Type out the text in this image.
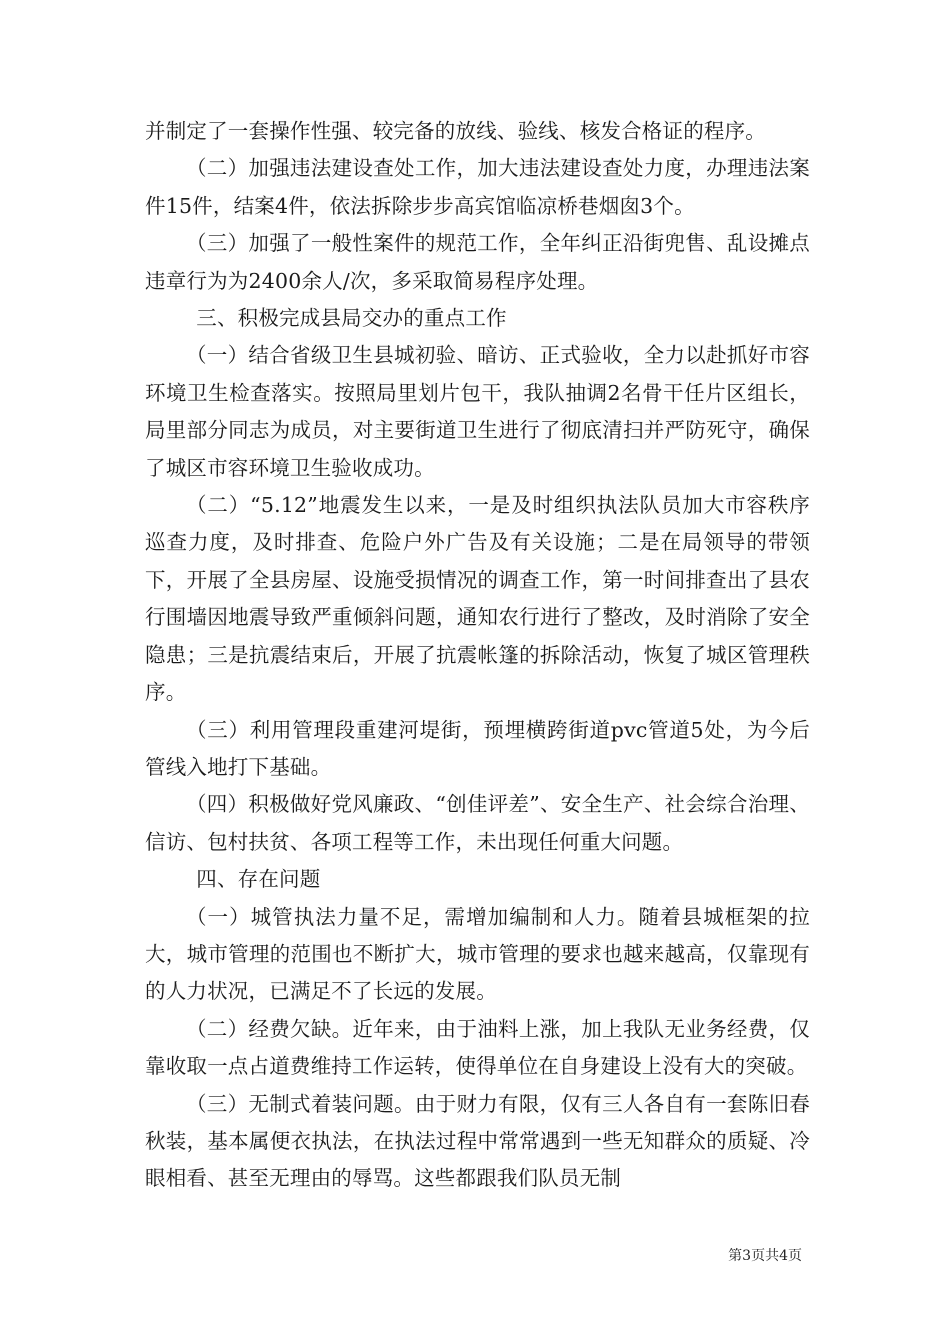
并制定了一套操作性强、较完备的放线、验线、核发合格证的程序。

（二）加强违法建设查处工作，加大违法建设查处力度，办理违法案件15件，结案4件，依法拆除步步高宾馆临凉桥巷烟囱3个。

（三）加强了一般性案件的规范工作，全年纠正沿街兜售、乱设摊点违章行为为2400余人/次，多采取简易程序处理。

三、积极完成县局交办的重点工作

（一）结合省级卫生县城初验、暗访、正式验收，全力以赴抓好市容环境卫生检查落实。按照局里划片包干，我队抽调2名骨干任片区组长，局里部分同志为成员，对主要街道卫生进行了彻底清扫并严防死守，确保了城区市容环境卫生验收成功。

（二）“5.12”地震发生以来，一是及时组织执法队员加大市容秩序巡查力度，及时排查、危险户外广告及有关设施；二是在局领导的带领下，开展了全县房屋、设施受损情况的调查工作，第一时间排查出了县农行围墙因地震导致严重倾斜问题，通知农行进行了整改，及时消除了安全隐患；三是抗震结束后，开展了抗震帐篷的拆除活动，恢复了城区管理秩序。

（三）利用管理段重建河堤街，预埋横跨街道pvc管道5处，为今后管线入地打下基础。

（四）积极做好党风廉政、“创佳评差”、安全生产、社会综合治理、信访、包村扶贫、各项工程等工作，未出现任何重大问题。

四、存在问题

（一）城管执法力量不足，需增加编制和人力。随着县城框架的拉大，城市管理的范围也不断扩大，城市管理的要求也越来越高，仅靠现有的人力状况，已满足不了长远的发展。

（二）经费欠缺。近年来，由于油料上涨，加上我队无业务经费，仅靠收取一点占道费维持工作运转，使得单位在自身建设上没有大的突破。

（三）无制式着装问题。由于财力有限，仅有三人各自有一套陈旧春秋装，基本属便衣执法，在执法过程中常常遇到一些无知群众的质疑、冷眼相看、甚至无理由的辱骂。这些都跟我们队员无制

第3页共4页
